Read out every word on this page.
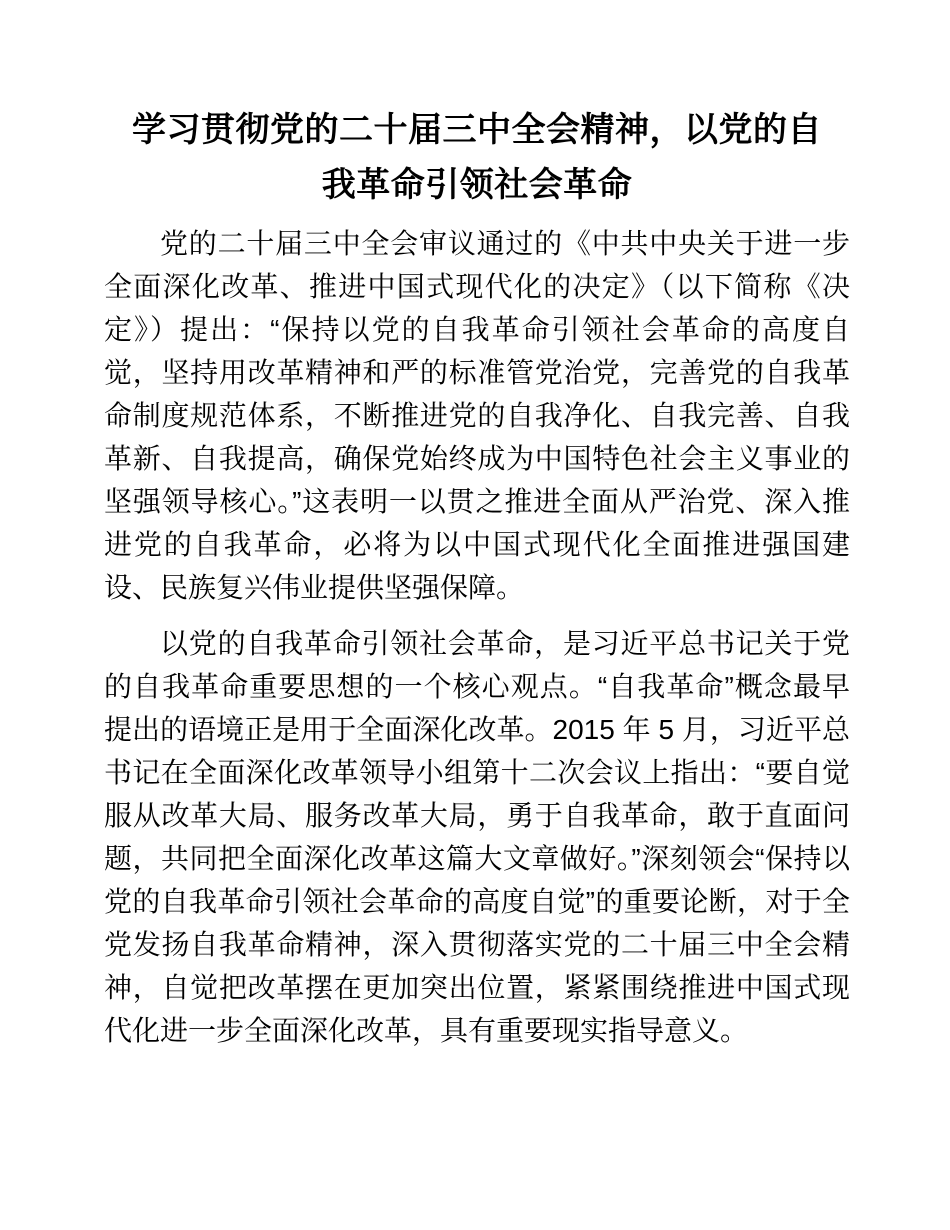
学习贯彻党的二十届三中全会精神，以党的自我革命引领社会革命

党的二十届三中全会审议通过的《中共中央关于进一步全面深化改革、推进中国式现代化的决定》（以下简称《决定》）提出：“保持以党的自我革命引领社会革命的高度自觉，坚持用改革精神和严的标准管党治党，完善党的自我革命制度规范体系，不断推进党的自我净化、自我完善、自我革新、自我提高，确保党始终成为中国特色社会主义事业的坚强领导核心。”这表明一以贯之推进全面从严治党、深入推进党的自我革命，必将为以中国式现代化全面推进强国建设、民族复兴伟业提供坚强保障。

以党的自我革命引领社会革命，是习近平总书记关于党的自我革命重要思想的一个核心观点。“自我革命”概念最早提出的语境正是用于全面深化改革。2015 年 5 月，习近平总书记在全面深化改革领导小组第十二次会议上指出：“要自觉服从改革大局、服务改革大局，勇于自我革命，敢于直面问题，共同把全面深化改革这篇大文章做好。”深刻领会“保持以党的自我革命引领社会革命的高度自觉”的重要论断，对于全党发扬自我革命精神，深入贯彻落实党的二十届三中全会精神，自觉把改革摆在更加突出位置，紧紧围绕推进中国式现代化进一步全面深化改革，具有重要现实指导意义。
